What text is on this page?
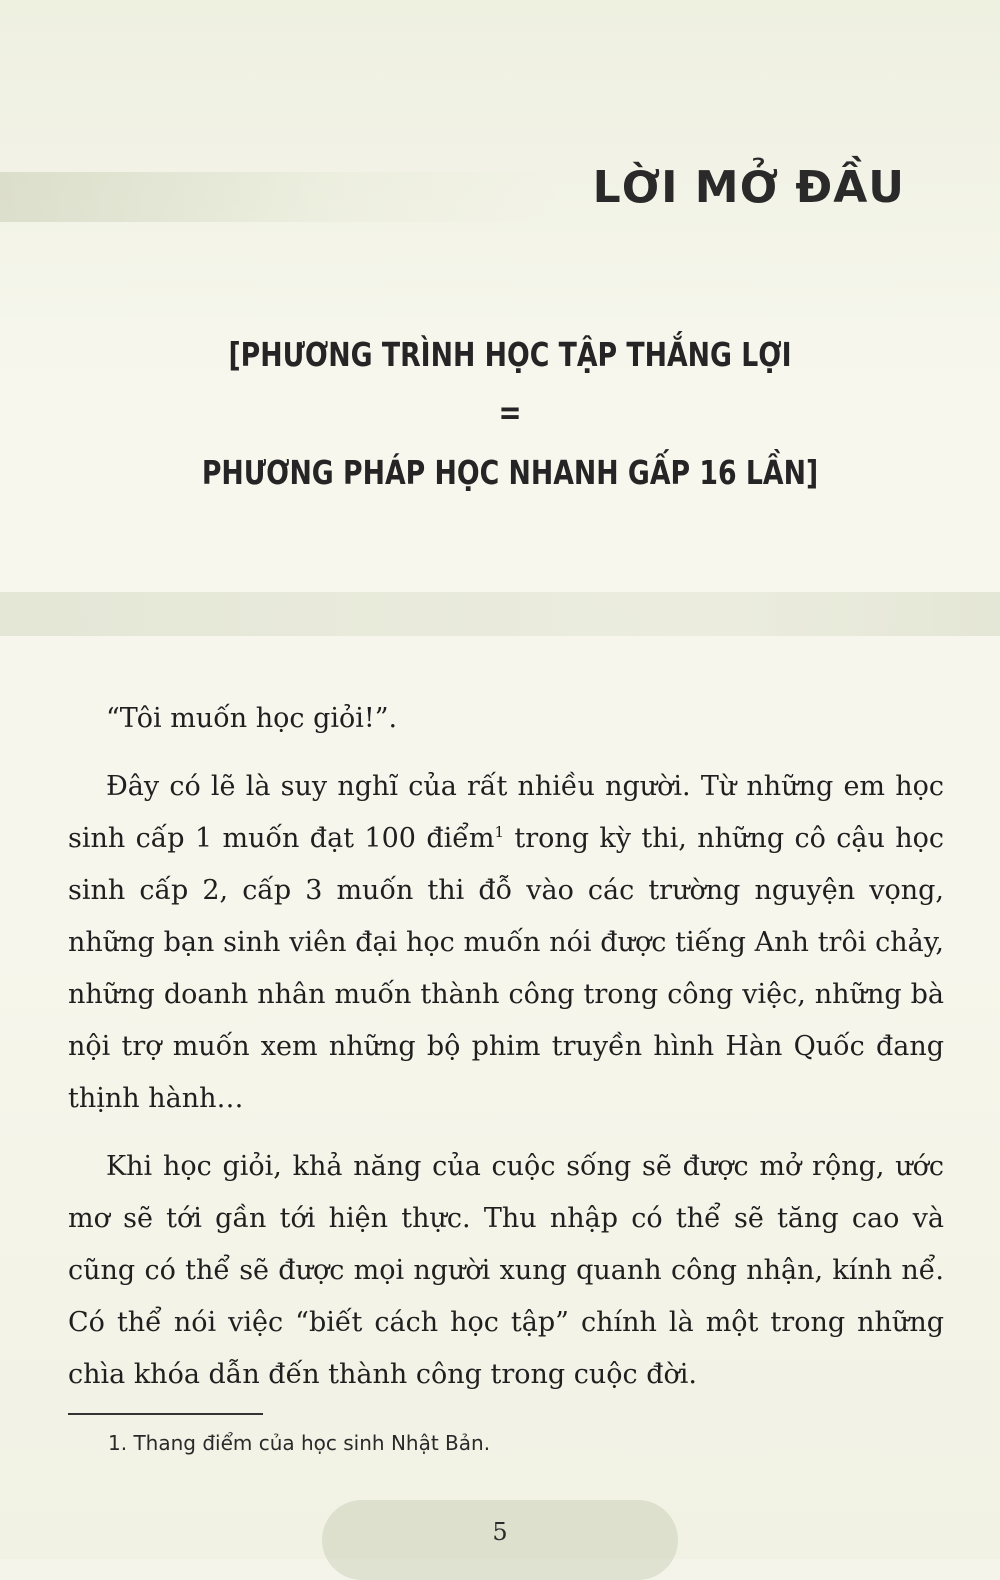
LỜI MỞ ĐẦU
[PHƯƠNG TRÌNH HỌC TẬP THẮNG LỢI
=
PHƯƠNG PHÁP HỌC NHANH GẤP 16 LẦN]

“Tôi muốn học giỏi!”.

Đây có lẽ là suy nghĩ của rất nhiều người. Từ những em học sinh cấp 1 muốn đạt 100 điểm$^1$ trong kỳ thi, những cô cậu học sinh cấp 2, cấp 3 muốn thi đỗ vào các trường nguyện vọng, những bạn sinh viên đại học muốn nói được tiếng Anh trôi chảy, những doanh nhân muốn thành công trong công việc, những bà nội trợ muốn xem những bộ phim truyền hình Hàn Quốc đang thịnh hành…

Khi học giỏi, khả năng của cuộc sống sẽ được mở rộng, ước mơ sẽ tới gần tới hiện thực. Thu nhập có thể sẽ tăng cao và cũng có thể sẽ được mọi người xung quanh công nhận, kính nể. Có thể nói việc “biết cách học tập” chính là một trong những chìa khóa dẫn đến thành công trong cuộc đời.

1. Thang điểm của học sinh Nhật Bản.

5
